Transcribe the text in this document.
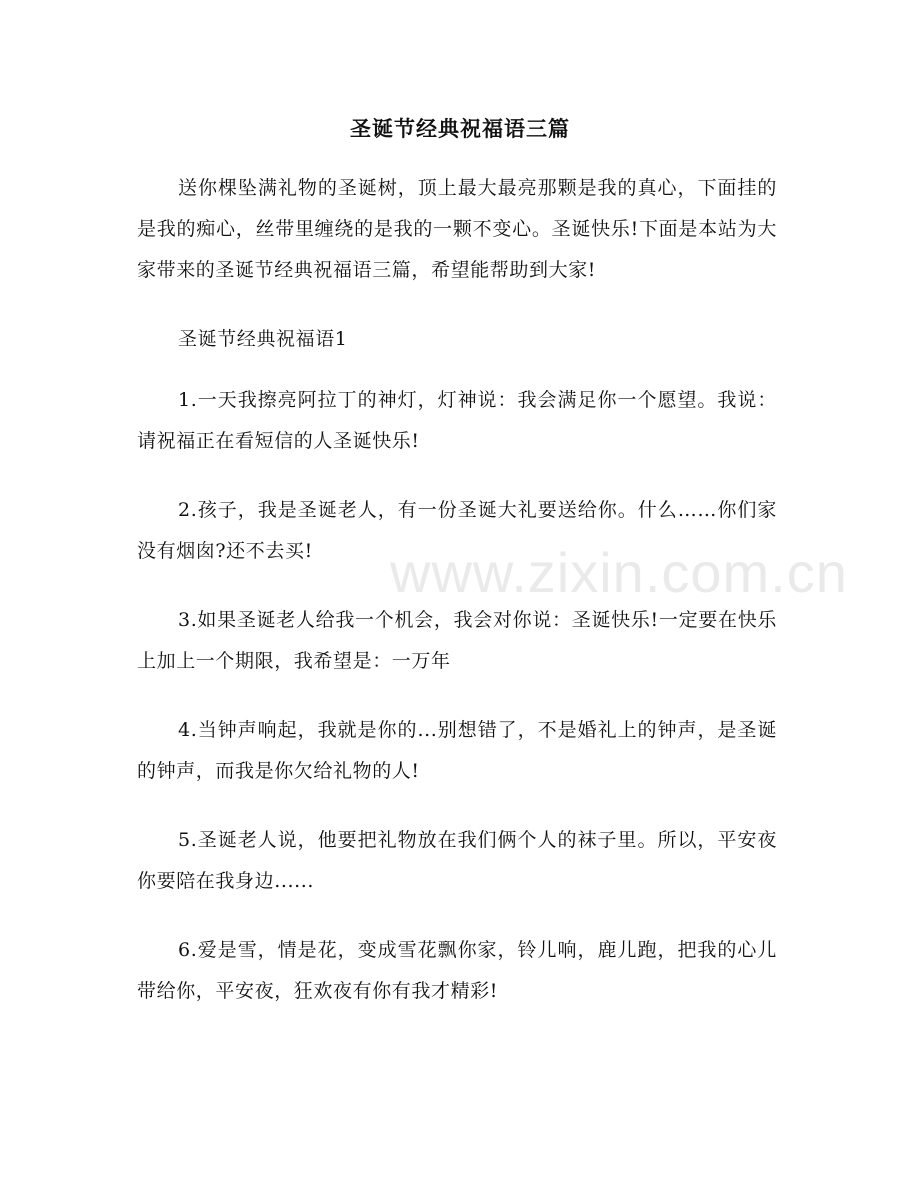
圣诞节经典祝福语三篇

送你棵坠满礼物的圣诞树，顶上最大最亮那颗是我的真心，下面挂的是我的痴心，丝带里缠绕的是我的一颗不变心。圣诞快乐!下面是本站为大家带来的圣诞节经典祝福语三篇，希望能帮助到大家!

圣诞节经典祝福语1

1.一天我擦亮阿拉丁的神灯，灯神说：我会满足你一个愿望。我说：请祝福正在看短信的人圣诞快乐!

2.孩子，我是圣诞老人，有一份圣诞大礼要送给你。什么……你们家没有烟囱?还不去买!

3.如果圣诞老人给我一个机会，我会对你说：圣诞快乐!一定要在快乐上加上一个期限，我希望是：一万年

4.当钟声响起，我就是你的...别想错了，不是婚礼上的钟声，是圣诞的钟声，而我是你欠给礼物的人!

5.圣诞老人说，他要把礼物放在我们俩个人的袜子里。所以，平安夜你要陪在我身边......

6.爱是雪，情是花，变成雪花飘你家，铃儿响，鹿儿跑，把我的心儿带给你，平安夜，狂欢夜有你有我才精彩!

www.zixin.com.cn
